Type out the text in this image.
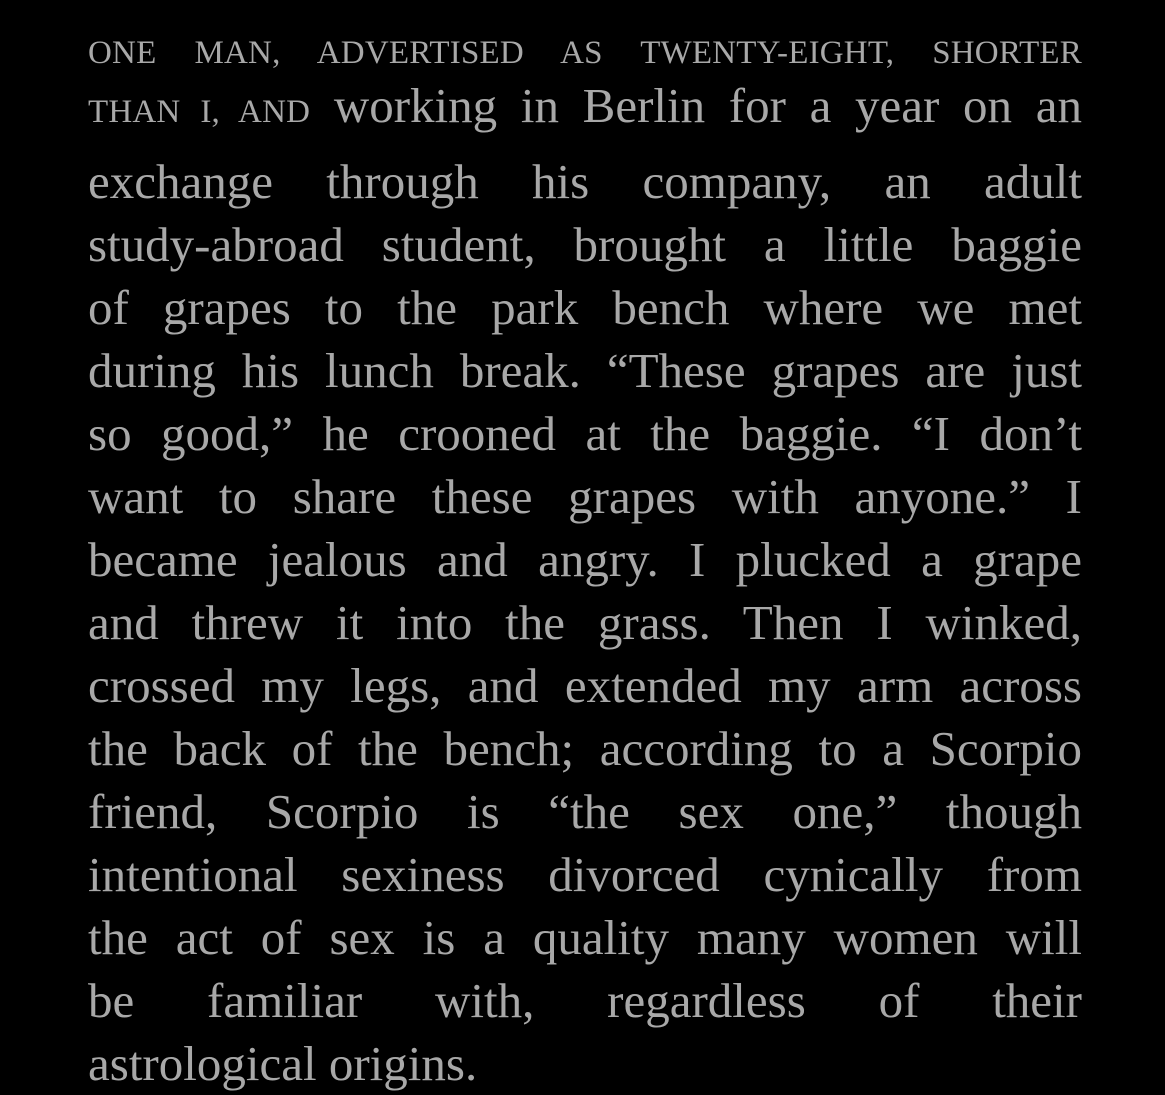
ONE MAN, ADVERTISED AS TWENTY-EIGHT, SHORTER
THAN I, AND working in Berlin for a year on an
exchange through his company, an adult
study-abroad student, brought a little baggie
of grapes to the park bench where we met
during his lunch break. “These grapes are just
so good,” he crooned at the baggie. “I don’t
want to share these grapes with anyone.” I
became jealous and angry. I plucked a grape
and threw it into the grass. Then I winked,
crossed my legs, and extended my arm across
the back of the bench; according to a Scorpio
friend, Scorpio is “the sex one,” though
intentional sexiness divorced cynically from
the act of sex is a quality many women will
be familiar with, regardless of their
astrological origins.
